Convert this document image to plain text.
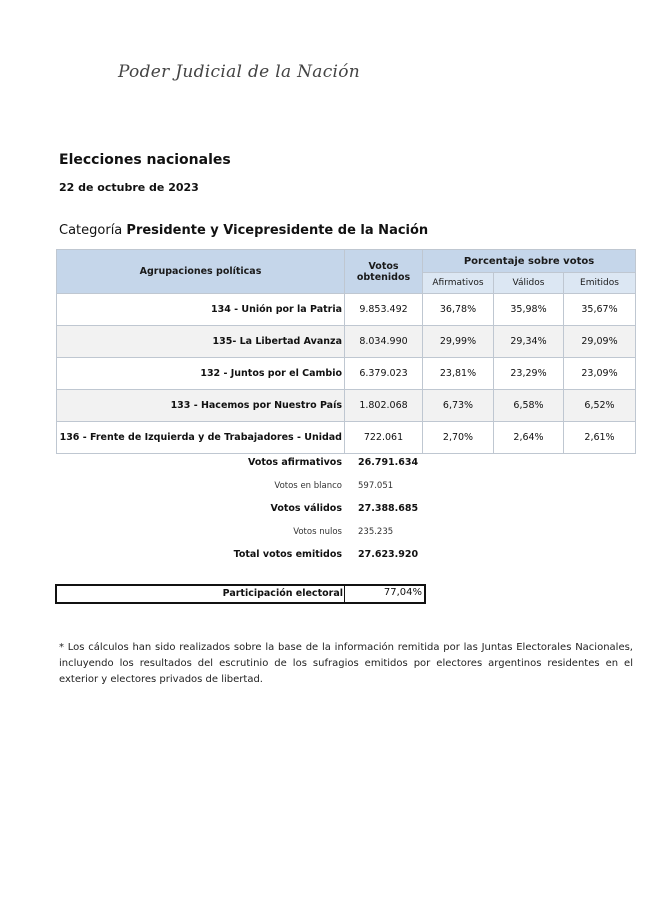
Poder Judicial de la Nación
Elecciones nacionales
22 de octubre de 2023
Categoría Presidente y Vicepresidente de la Nación
Agrupaciones políticas	Votos obtenidos	Porcentaje sobre votos		
		Afirmativos	Válidos	Emitidos
134 - Unión por la Patria	9.853.492	36,78%	35,98%	35,67%
135- La Libertad Avanza	8.034.990	29,99%	29,34%	29,09%
132 - Juntos por el Cambio	6.379.023	23,81%	23,29%	23,09%
133 - Hacemos por Nuestro País	1.802.068	6,73%	6,58%	6,52%
136 - Frente de Izquierda y de Trabajadores - Unidad	722.061	2,70%	2,64%	2,61%
Votos afirmativos 26.791.634
Votos en blanco 597.051
Votos válidos 27.388.685
Votos nulos 235.235
Total votos emitidos 27.623.920
Participación electoral	77,04%
* Los cálculos han sido realizados sobre la base de la información remitida por las Juntas Electorales Nacionales, incluyendo los resultados del escrutinio de los sufragios emitidos por electores argentinos residentes en el exterior y electores privados de libertad.
